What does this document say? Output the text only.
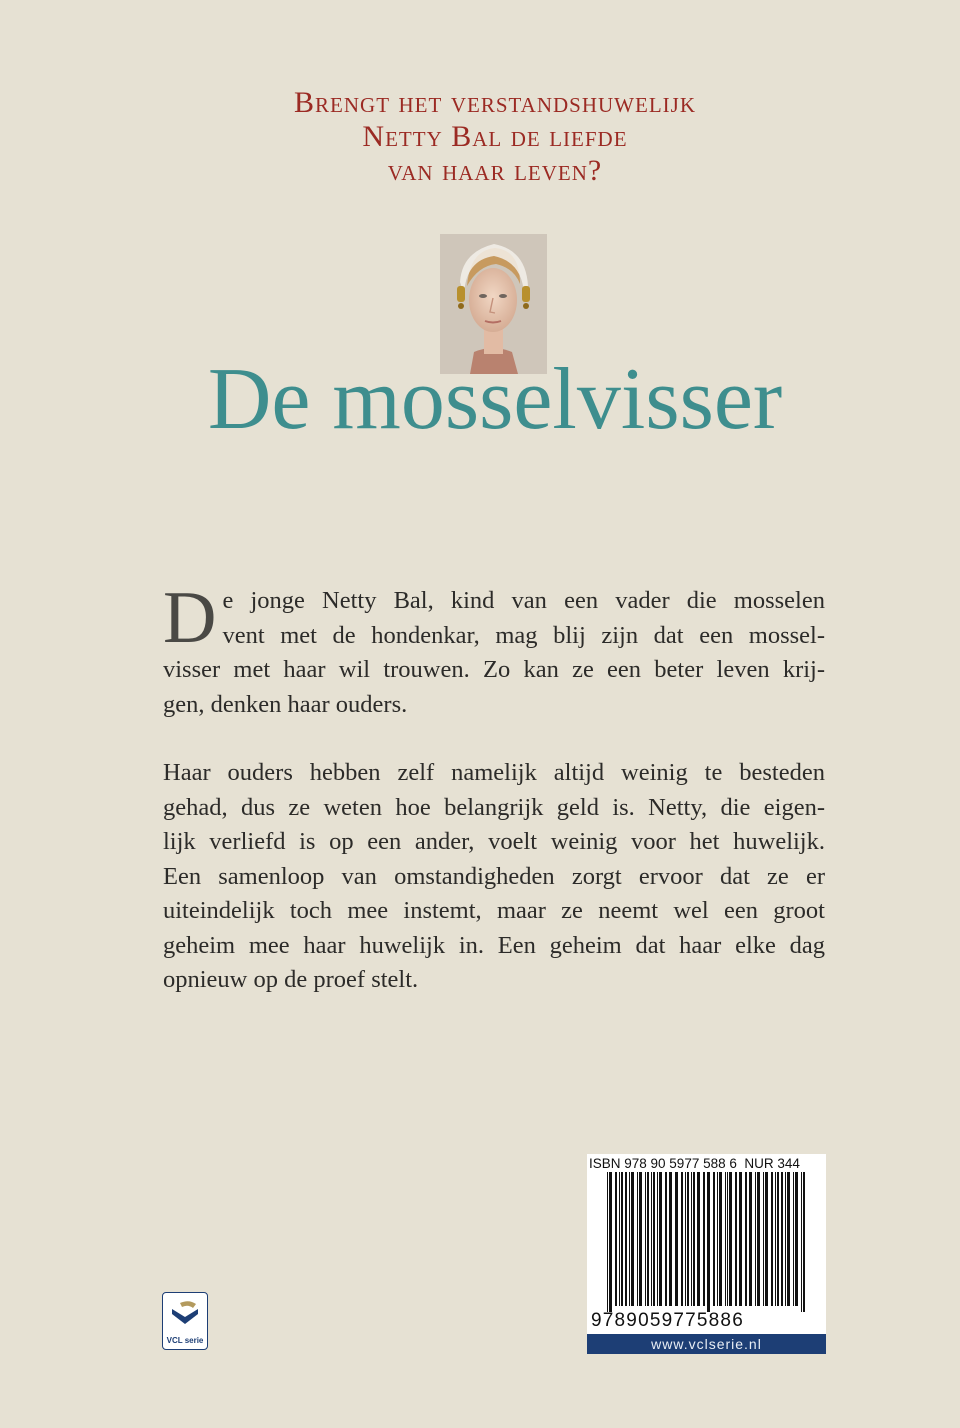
Brengt het verstandshuwelijk
Netty Bal de liefde
van haar leven?
De mosselvisser
D e jonge Netty Bal, kind van een vader die mosselen
vent met de hondenkar, mag blij zijn dat een mossel-
visser met haar wil trouwen. Zo kan ze een beter leven krij-
gen, denken haar ouders.
Haar ouders hebben zelf namelijk altijd weinig te besteden
gehad, dus ze weten hoe belangrijk geld is. Netty, die eigen-
lijk verliefd is op een ander, voelt weinig voor het huwelijk.
Een samenloop van omstandigheden zorgt ervoor dat ze er
uiteindelijk toch mee instemt, maar ze neemt wel een groot
geheim mee haar huwelijk in. Een geheim dat haar elke dag
opnieuw op de proef stelt.
VCL serie
ISBN 978 90 5977 588 6 NUR 344
9789059775886
www.vclserie.nl
